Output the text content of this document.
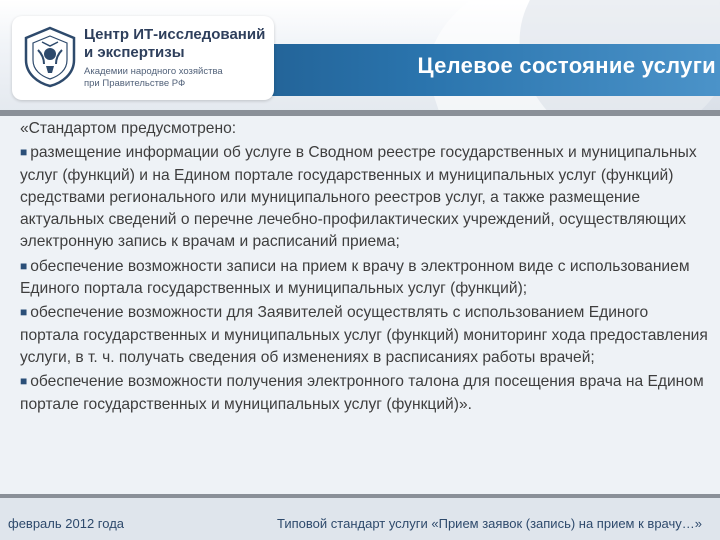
Центр ИТ-исследований
и экспертизы
Академии народного хозяйства
при Правительстве РФ
Целевое состояние услуги

«Стандартом предусмотрено:

■ размещение информации об услуге в Сводном реестре государственных и муниципальных услуг (функций) и на Едином портале государственных и муниципальных услуг (функций) средствами регионального или муниципального реестров услуг, а также размещение актуальных сведений о перечне лечебно-профилактических учреждений, осуществляющих электронную запись к врачам и расписаний приема;

■ обеспечение возможности записи на прием к врачу в электронном виде с использованием Единого портала государственных и муниципальных услуг (функций);

■ обеспечение возможности для Заявителей осуществлять с использованием Единого портала государственных и муниципальных услуг (функций) мониторинг хода предоставления услуги, в т. ч. получать сведения об изменениях в расписаниях работы врачей;

■ обеспечение возможности получения электронного талона для посещения врача на Едином портале государственных и муниципальных услуг (функций)».

февраль 2012 года	Типовой стандарт услуги «Прием заявок (запись) на прием к врачу…»
